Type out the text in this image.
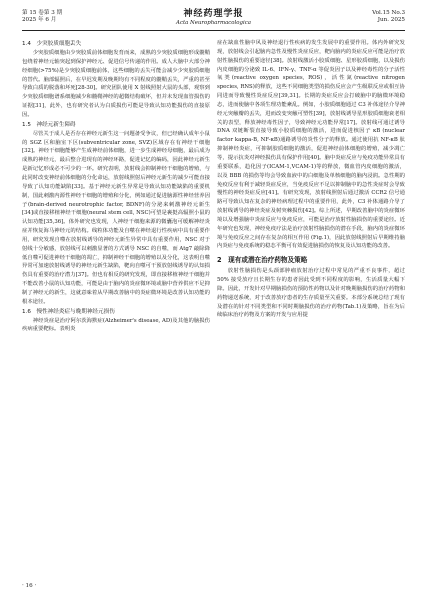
第 15 卷第 3 期
2025 年 6 月
神经药理学报
Acta Neuropharmacologica
Vol.15 No.3
Jun. 2025
1.4　少突胶质细胞丢失

少突胶质细胞由少突胶质前体细胞发育而来，成熟的少突胶质细胞形成髓鞘包绕着神经元轴突起到保护神经元、促进信号传递的作用。成人大脑中大部分神经细胞(>75%)是少突胶质细胞前体，这些细胞的丢失可能会减少少突胶质细胞的替代。脑部辐照后，在早迟发期及晚期均有不同程度的髓鞘丢失，严重的甚至导致白质的脱落和坏死[28-30]。研究团队使用 X 射线照射大鼠的头部，观察到少突胶质细胞谱系细胞减少和髓鞘神经的超微结构破坏，但并未发现血管损伤的证据[31]，此外，也有研究者认为白质损伤可能是导致认知功能损伤的直接原因。

1.5　神经元新生障碍

尽管关于成人是否存在神经元新生这一问题备受争议，但已经确认成年小鼠的 SGZ 区和脑室下区(subventricular zone, SVZ)区域存在有神经干细胞[32]。神经干细胞能够产生成神经前体细胞，进一步生成神经母细胞，最后成为成熟的神经元，最后整合进现有的神经环路，促进记忆的编码，因此神经元新生是新记忆形成必不可少的一环。研究表明，放射线会抑制神经干细胞的增殖，与此同时改变神经前体细胞的分化命运，放射线照射后神经元新生的减少可能直接导致了认知功能缺陷[33]。基于神经元新生异常是导致认知功能缺陷的重要机制，国此刺激内源性神经干细胞的增殖和分化，例如通过促进脑源性神经营养因子(brain-derived neurotrophic factor, BDNF)的分泌来刺激神经元新生[34]或直接移植神经干细胞(neural stem cell, NSC)可望是裹挺高辐照小鼠的认知功能[35,36]。体外研究也发现，人神经干细胞来源的微囊泡可缓解神经炎症并恢复海马神经元的结构。线粒体功能及自噬在神经退行性疾病中具有重要作用，研究发现自噬在放射线诱导的神经元新生异常中具有重要作用，NSC 对于射线十分敏感，放射线可以刺激显著的方式诱导 NSC 的自噬，而 Atg7 敲除降低自噬可促进神经干细胞的凋亡，抑制神经干细胞的增殖以及分化，这表明自噬异常可加速放射线诱导的神经元新生缺陷，靶向自噬可干预放射线诱导的认知损伤具有重要的治疗潜力[37]。但也有相反的研究发现，即直接移植神经干细胞并不能改善小鼠的认知功能，可能是由于脑内的炎症微环境或脑中营养供应不足抑制了神经元的新生，这就意味着从早期改善脑中的炎症微环境是改善认知功能的根本途径。

1.6　慢性神经炎症与晚期神经元损伤

神经炎症是治疗阿尔茨海默症(Alzheimer's disease, AD)及其他的脑损伤疾病重要靶标。表明炎

症在缺血性脑中风及神经退行性疾病的发生发展中的重要作用。体内外研究发现，放射线会引起脑内急性及慢性炎症反应，靶向脑内的炎症反应可能是治疗放射性脑损伤的重要途径[38]。放射线激活小胶质细胞、星形胶质细胞，以及损伤内皮细胞的分泌致 IL-6、IFN-γ、TNF-α 等促炎因子以及神经毒性的分子活性氧类(reactive oxygen species, ROS)，活性氮(reactive nitrogen species, RNS)的释放，这些不同细胞类型的损伤反应会产生级联反应或相互协同进而导致慢性炎症反应[39,31]。长期的炎症反应会打破脑中的脑微环境稳态，进而使脑中各项生理功能紊乱。例如，小胶质细胞通过 C3 补体途径介导神经元突触瓣的丢失，进而改变突触可塑性[39]，放射线诱导星形胶质细胞衰老相关的表型，释放神经毒性因子，导致神经元功能异常[17]。放射线可通过诱导 DNA 双链断裂直接导致小胶质细胞的激活，进而促进核因子 κB (nuclear factor kappa-B, NF-κB)通路诱导的炎性分子的释放。通过使用抗 NF-κB 肽抑制神经炎症，可抑制胶质细胞的激活，促进神经前体细胞的增殖，减少凋亡等，提示抗炎对神经损伤具有保护作用[40]。脑中炎症反应与免疫功能异常具有重要联系，趋化因子(ICAM-1,VCAM-1)等的释放，微血管内皮细胞的激活，以及 BBB 的损伤等均会导致血液中的白细胞及单核细胞的脑内浸润。急性期的免疫反应有利于减轻炎症反应，当免疫反应不足以抑制脑中的急性炎症时会导致慢性的神经炎症反应[41]。有研究发现，放射线照射后通过激活 CCR2 信号通路可导致认知在复杂的神经病理过程中的重要作用，此外，C3 补体通路介导了放射线诱导的神经炎症及树突棘损伤[42]。综上所述，早期改善脑中的炎症微环境以及增强脑中炎症反应与免疫反应，可能是治疗放射性脑损伤的重要途径。近年研究也发现，神经免疫疗法是治疗放射性脑损伤的潜在手段，脑内的炎症微环境与免疫反应之间存在复杂的相互作用 (Fig.1)，因此放射线照射后早期维持脑内炎症与免疫系统的稳态平衡可有效促进脑损伤的恢复及认知功能的改善。

2　现有或潜在治疗药物及策略

放射性脑损伤是头颈部肿瘤放射治疗过程中常见的严重不良事件，超过 50% 接受放疗且长期生存的患者因此受到不同程度的影响，生活质量大幅下降。因此，开发针对早期脑损伤的预防性药物以及针对晚期脑损伤的治疗药物和药物递送系统，对于改善放疗患者的生存质量至关重要。本部分系统总结了现有及潜在的针对不同类型和不同时期脑损伤的治疗药物(Tab.1)及策略，旨在为后续临床治疗药物及方案的开发与应用提

· 16 ·
